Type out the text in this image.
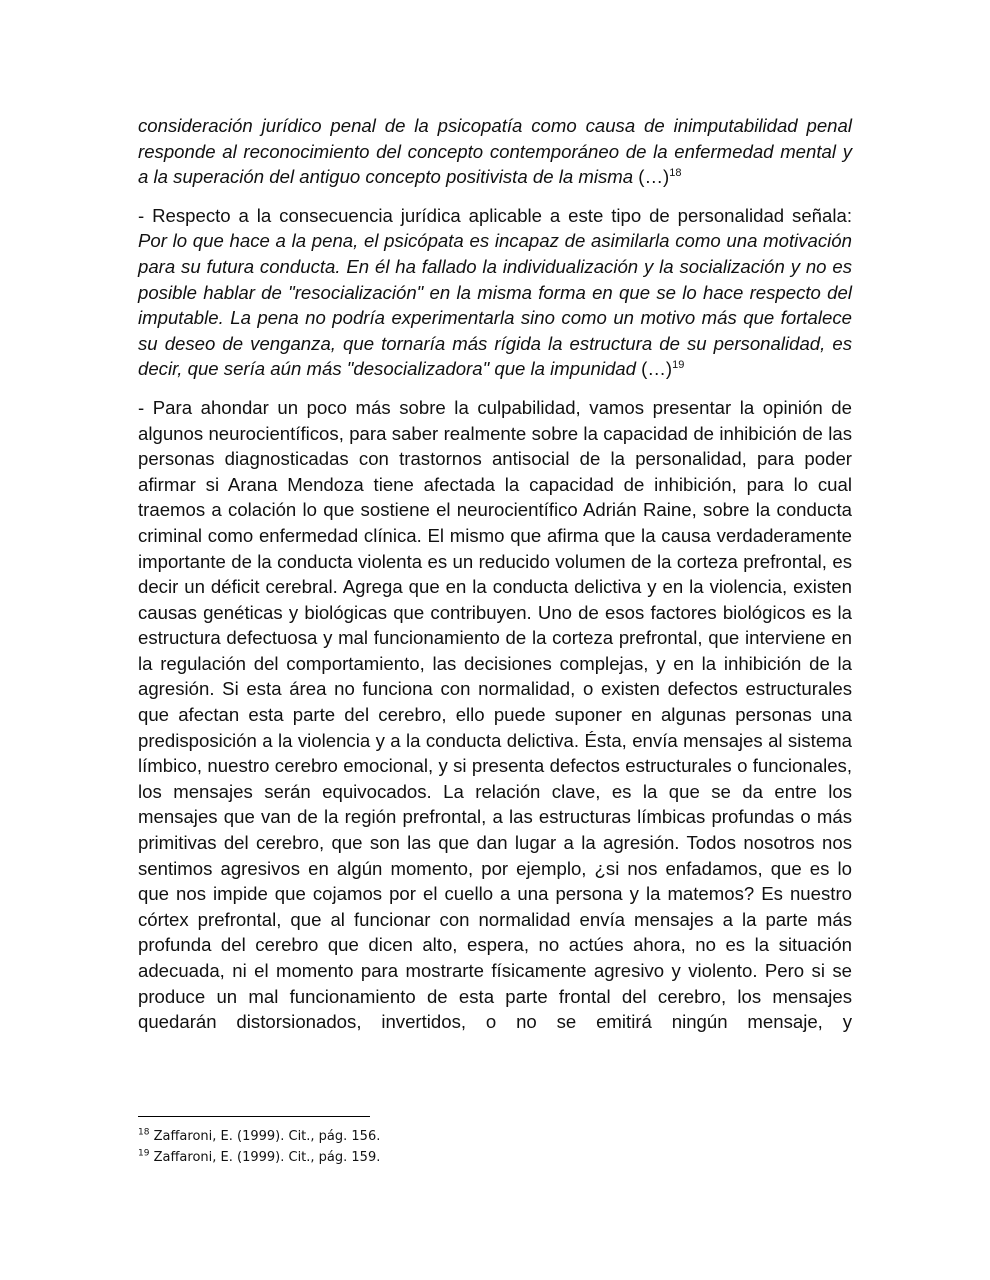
consideración jurídico penal de la psicopatía como causa de inimputabilidad penal responde al reconocimiento del concepto contemporáneo de la enfermedad mental y a la superación del antiguo concepto positivista de la misma (…)$^{18}$

- Respecto a la consecuencia jurídica aplicable a este tipo de personalidad señala: Por lo que hace a la pena, el psicópata es incapaz de asimilarla como una motivación para su futura conducta. En él ha fallado la individualización y la socialización y no es posible hablar de "resocialización" en la misma forma en que se lo hace respecto del imputable. La pena no podría experimentarla sino como un motivo más que fortalece su deseo de venganza, que tornaría más rígida la estructura de su personalidad, es decir, que sería aún más "desocializadora" que la impunidad (…)$^{19}$

- Para ahondar un poco más sobre la culpabilidad, vamos presentar la opinión de algunos neurocientíficos, para saber realmente sobre la capacidad de inhibición de las personas diagnosticadas con trastornos antisocial de la personalidad, para poder afirmar si Arana Mendoza tiene afectada la capacidad de inhibición, para lo cual traemos a colación lo que sostiene el neurocientífico Adrián Raine, sobre la conducta criminal como enfermedad clínica. El mismo que afirma que la causa verdaderamente importante de la conducta violenta es un reducido volumen de la corteza prefrontal, es decir un déficit cerebral. Agrega que en la conducta delictiva y en la violencia, existen causas genéticas y biológicas que contribuyen. Uno de esos factores biológicos es la estructura defectuosa y mal funcionamiento de la corteza prefrontal, que interviene en la regulación del comportamiento, las decisiones complejas, y en la inhibición de la agresión. Si esta área no funciona con normalidad, o existen defectos estructurales que afectan esta parte del cerebro, ello puede suponer en algunas personas una predisposición a la violencia y a la conducta delictiva. Ésta, envía mensajes al sistema límbico, nuestro cerebro emocional, y si presenta defectos estructurales o funcionales, los mensajes serán equivocados. La relación clave, es la que se da entre los mensajes que van de la región prefrontal, a las estructuras límbicas profundas o más primitivas del cerebro, que son las que dan lugar a la agresión. Todos nosotros nos sentimos agresivos en algún momento, por ejemplo, ¿si nos enfadamos, que es lo que nos impide que cojamos por el cuello a una persona y la matemos? Es nuestro córtex prefrontal, que al funcionar con normalidad envía mensajes a la parte más profunda del cerebro que dicen alto, espera, no actúes ahora, no es la situación adecuada, ni el momento para mostrarte físicamente agresivo y violento. Pero si se produce un mal funcionamiento de esta parte frontal del cerebro, los mensajes quedarán distorsionados, invertidos, o no se emitirá ningún mensaje, y

$^{18}$ Zaffaroni, E. (1999). Cit., pág. 156.
$^{19}$ Zaffaroni, E. (1999). Cit., pág. 159.
